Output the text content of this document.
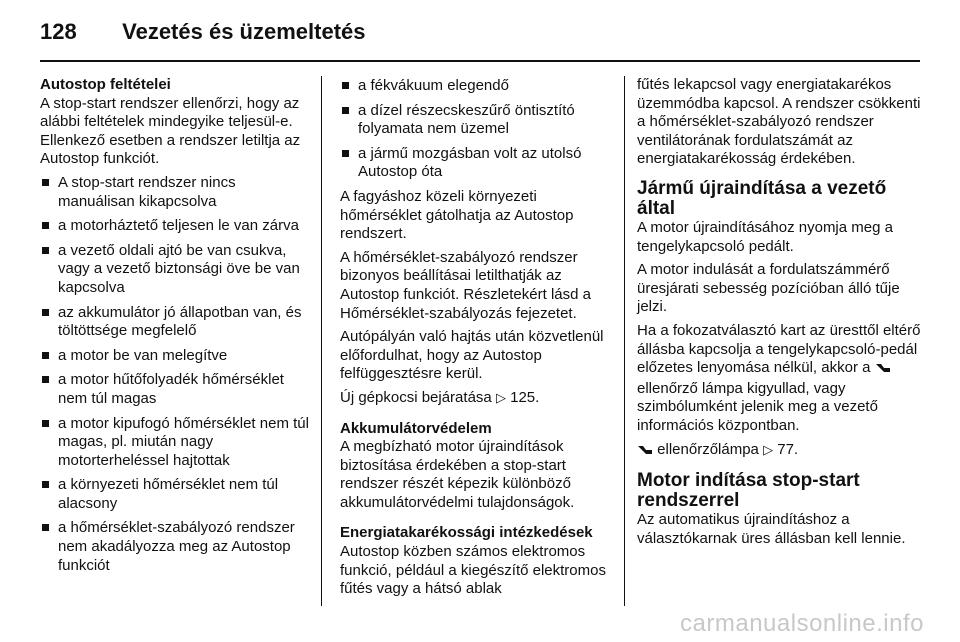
128 Vezetés és üzemeltetés

Autostop feltételei

A stop-start rendszer ellenőrzi, hogy az alábbi feltételek mindegyike teljesül-e. Ellenkező esetben a rendszer letiltja az Autostop funkciót.

A stop-start rendszer nincs manuálisan kikapcsolva
a motorháztető teljesen le van zárva
a vezető oldali ajtó be van csukva, vagy a vezető biztonsági öve be van kapcsolva
az akkumulátor jó állapotban van, és töltöttsége megfelelő
a motor be van melegítve
a motor hűtőfolyadék hőmérséklet nem túl magas
a motor kipufogó hőmérséklet nem túl magas, pl. miután nagy motorterheléssel hajtottak
a környezeti hőmérséklet nem túl alacsony
a hőmérséklet-szabályozó rendszer nem akadályozza meg az Autostop funkciót
a fékvákuum elegendő
a dízel részecskeszűrő öntisztító folyamata nem üzemel
a jármű mozgásban volt az utolsó Autostop óta

A fagyáshoz közeli környezeti hőmérséklet gátolhatja az Autostop rendszert.

A hőmérséklet-szabályozó rendszer bizonyos beállításai letilthatják az Autostop funkciót. Részletekért lásd a Hőmérséklet-szabályozás fejezetet.

Autópályán való hajtás után közvetlenül előfordulhat, hogy az Autostop felfüggesztésre kerül.

Új gépkocsi bejáratása ▷ 125.

Akkumulátorvédelem

A megbízható motor újraindítások biztosítása érdekében a stop-start rendszer részét képezik különböző akkumulátorvédelmi tulajdonságok.

Energiatakarékossági intézkedések

Autostop közben számos elektromos funkció, például a kiegészítő elektromos fűtés vagy a hátsó ablak

fűtés lekapcsol vagy energiatakarékos üzemmódba kapcsol. A rendszer csökkenti a hőmérséklet-szabályozó rendszer ventilátorának fordulatszámát az energiatakarékosság érdekében.

Jármű újraindítása a vezető által

A motor újraindításához nyomja meg a tengelykapcsoló pedált.

A motor indulását a fordulatszámmérő üresjárati sebesség pozícióban álló tűje jelzi.

Ha a fokozatválasztó kart az üresttől eltérő állásba kapcsolja a tengelykapcsoló-pedál előzetes lenyomása nélkül, akkor a  ellenőrző lámpa kigyullad, vagy szimbólumként jelenik meg a vezető információs központban.

ellenőrzőlámpa ▷ 77.

Motor indítása stop-start rendszerrel

Az automatikus újraindításhoz a választókarnak üres állásban kell lennie.

carmanualsonline.info
